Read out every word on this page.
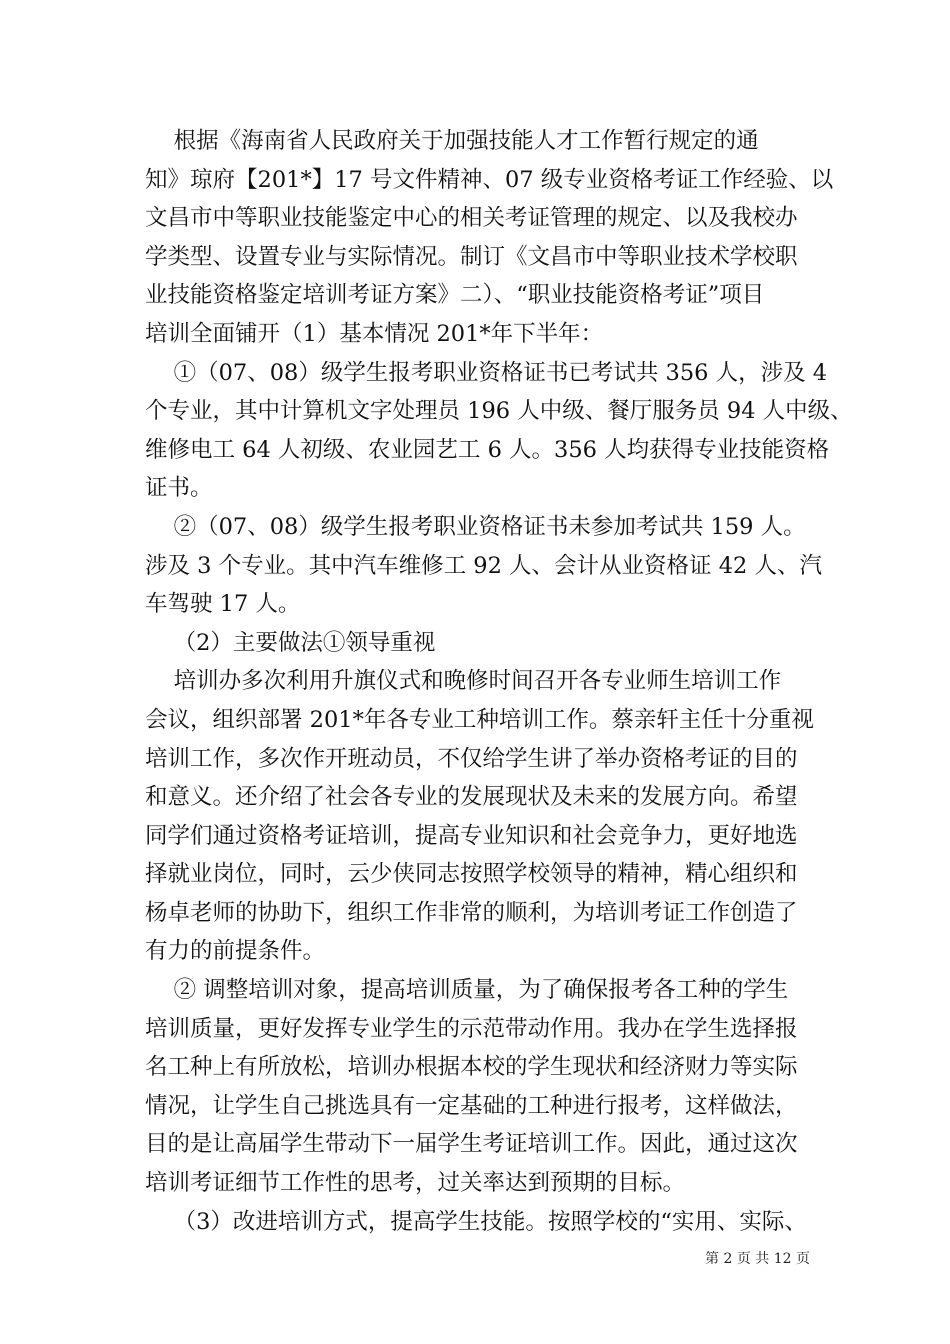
根据《海南省人民政府关于加强技能人才工作暂行规定的通
知》琼府【201*】17 号文件精神、07 级专业资格考证工作经验、以
文昌市中等职业技能鉴定中心的相关考证管理的规定、以及我校办
学类型、设置专业与实际情况。制订《文昌市中等职业技术学校职
业技能资格鉴定培训考证方案》二）、“职业技能资格考证”项目
培训全面铺开（1）基本情况 201*年下半年：
①（07、08）级学生报考职业资格证书已考试共 356 人，涉及 4
个专业，其中计算机文字处理员 196 人中级、餐厅服务员 94 人中级、
维修电工 64 人初级、农业园艺工 6 人。356 人均获得专业技能资格
证书。
②（07、08）级学生报考职业资格证书未参加考试共 159 人。
涉及 3 个专业。其中汽车维修工 92 人、会计从业资格证 42 人、汽
车驾驶 17 人。
（2）主要做法①领导重视
培训办多次利用升旗仪式和晚修时间召开各专业师生培训工作
会议，组织部署 201*年各专业工种培训工作。蔡亲轩主任十分重视
培训工作，多次作开班动员，不仅给学生讲了举办资格考证的目的
和意义。还介绍了社会各专业的发展现状及未来的发展方向。希望
同学们通过资格考证培训，提高专业知识和社会竞争力，更好地选
择就业岗位，同时，云少侠同志按照学校领导的精神，精心组织和
杨卓老师的协助下，组织工作非常的顺利，为培训考证工作创造了
有力的前提条件。
② 调整培训对象，提高培训质量，为了确保报考各工种的学生
培训质量，更好发挥专业学生的示范带动作用。我办在学生选择报
名工种上有所放松，培训办根据本校的学生现状和经济财力等实际
情况，让学生自己挑选具有一定基础的工种进行报考，这样做法，
目的是让高届学生带动下一届学生考证培训工作。因此，通过这次
培训考证细节工作性的思考，过关率达到预期的目标。
（3）改进培训方式，提高学生技能。按照学校的“实用、实际、
第 2 页 共 12 页
